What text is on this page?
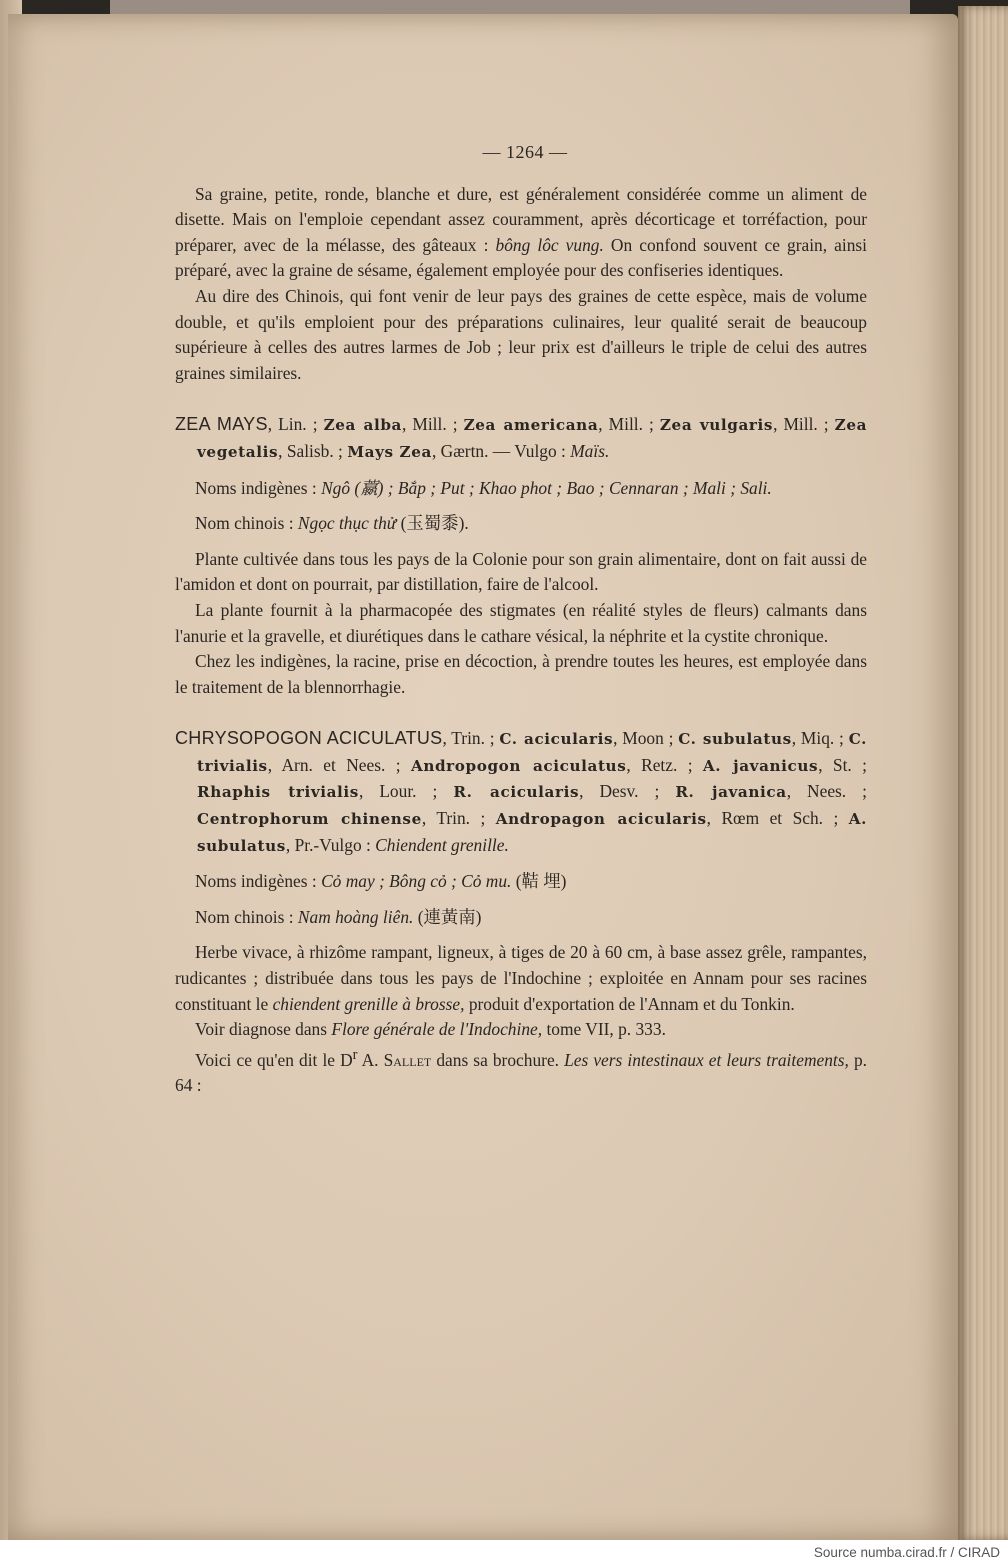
— 1264 —

Sa graine, petite, ronde, blanche et dure, est généralement considérée comme un aliment de disette. Mais on l'emploie cependant assez couramment, après décorticage et torréfaction, pour préparer, avec de la mélasse, des gâteaux : bông lôc vung. On confond souvent ce grain, ainsi préparé, avec la graine de sésame, également employée pour des confiseries identiques.

Au dire des Chinois, qui font venir de leur pays des graines de cette espèce, mais de volume double, et qu'ils emploient pour des préparations culinaires, leur qualité serait de beaucoup supérieure à celles des autres larmes de Job ; leur prix est d'ailleurs le triple de celui des autres graines similaires.

ZEA MAYS, Lin. ; Zea alba, Mill. ; Zea americana, Mill. ; Zea vulgaris, Mill. ; Zea vegetalis, Salisb. ; Mays Zea, Gærtn. — Vulgo : Maïs.

Noms indigènes : Ngô (䕦) ; Bắp ; Put ; Khao phot ; Bao ; Cennaran ; Mali ; Sali.

Nom chinois : Ngọc thục thử (玉蜀黍).

Plante cultivée dans tous les pays de la Colonie pour son grain alimentaire, dont on fait aussi de l'amidon et dont on pourrait, par distillation, faire de l'alcool.

La plante fournit à la pharmacopée des stigmates (en réalité styles de fleurs) calmants dans l'anurie et la gravelle, et diurétiques dans le cathare vésical, la néphrite et la cystite chronique.

Chez les indigènes, la racine, prise en décoction, à prendre toutes les heures, est employée dans le traitement de la blennorrhagie.

CHRYSOPOGON ACICULATUS, Trin. ; C. acicularis, Moon ; C. subulatus, Miq. ; C. trivialis, Arn. et Nees. ; Andropogon aciculatus, Retz. ; A. javanicus, St. ; Rhaphis trivialis, Lour. ; R. acicularis, Desv. ; R. javanica, Nees. ; Centrophorum chinense, Trin. ; Andropagon acicularis, Rœm et Sch. ; A. subulatus, Pr.-Vulgo : Chiendent grenille.

Noms indigènes : Cỏ may ; Bông cỏ ; Cỏ mu. (鞊 埋)

Nom chinois : Nam hoàng liên. (連黃南)

Herbe vivace, à rhizôme rampant, ligneux, à tiges de 20 à 60 cm, à base assez grêle, rampantes, rudicantes ; distribuée dans tous les pays de l'Indochine ; exploitée en Annam pour ses racines constituant le chiendent grenille à brosse, produit d'exportation de l'Annam et du Tonkin.

Voir diagnose dans Flore générale de l'Indochine, tome VII, p. 333.

Voici ce qu'en dit le $D^r$ A. Sallet dans sa brochure. Les vers intestinaux et leurs traitements, p. 64 :

Source numba.cirad.fr / CIRAD
